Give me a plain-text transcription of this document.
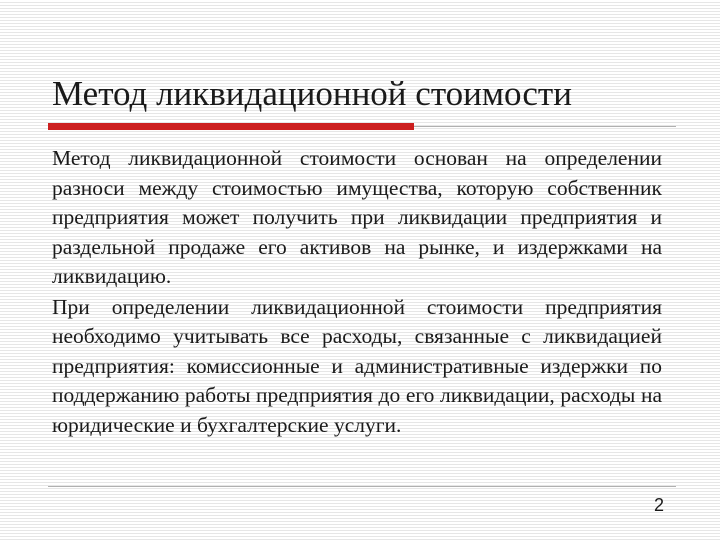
Метод ликвидационной стоимости

Метод ликвидационной стоимости основан на определении разноси между стоимостью имущества, которую собственник предприятия может получить при ликвидации предприятия и раздельной продаже его активов на рынке, и издержками на ликвидацию.

При определении ликвидационной стоимости предприятия необходимо учитывать все расходы, связанные с ликвидацией предприятия: комиссионные и административные издержки по поддержанию работы предприятия до его ликвидации, расходы на юридические и бухгалтерские услуги.

2
